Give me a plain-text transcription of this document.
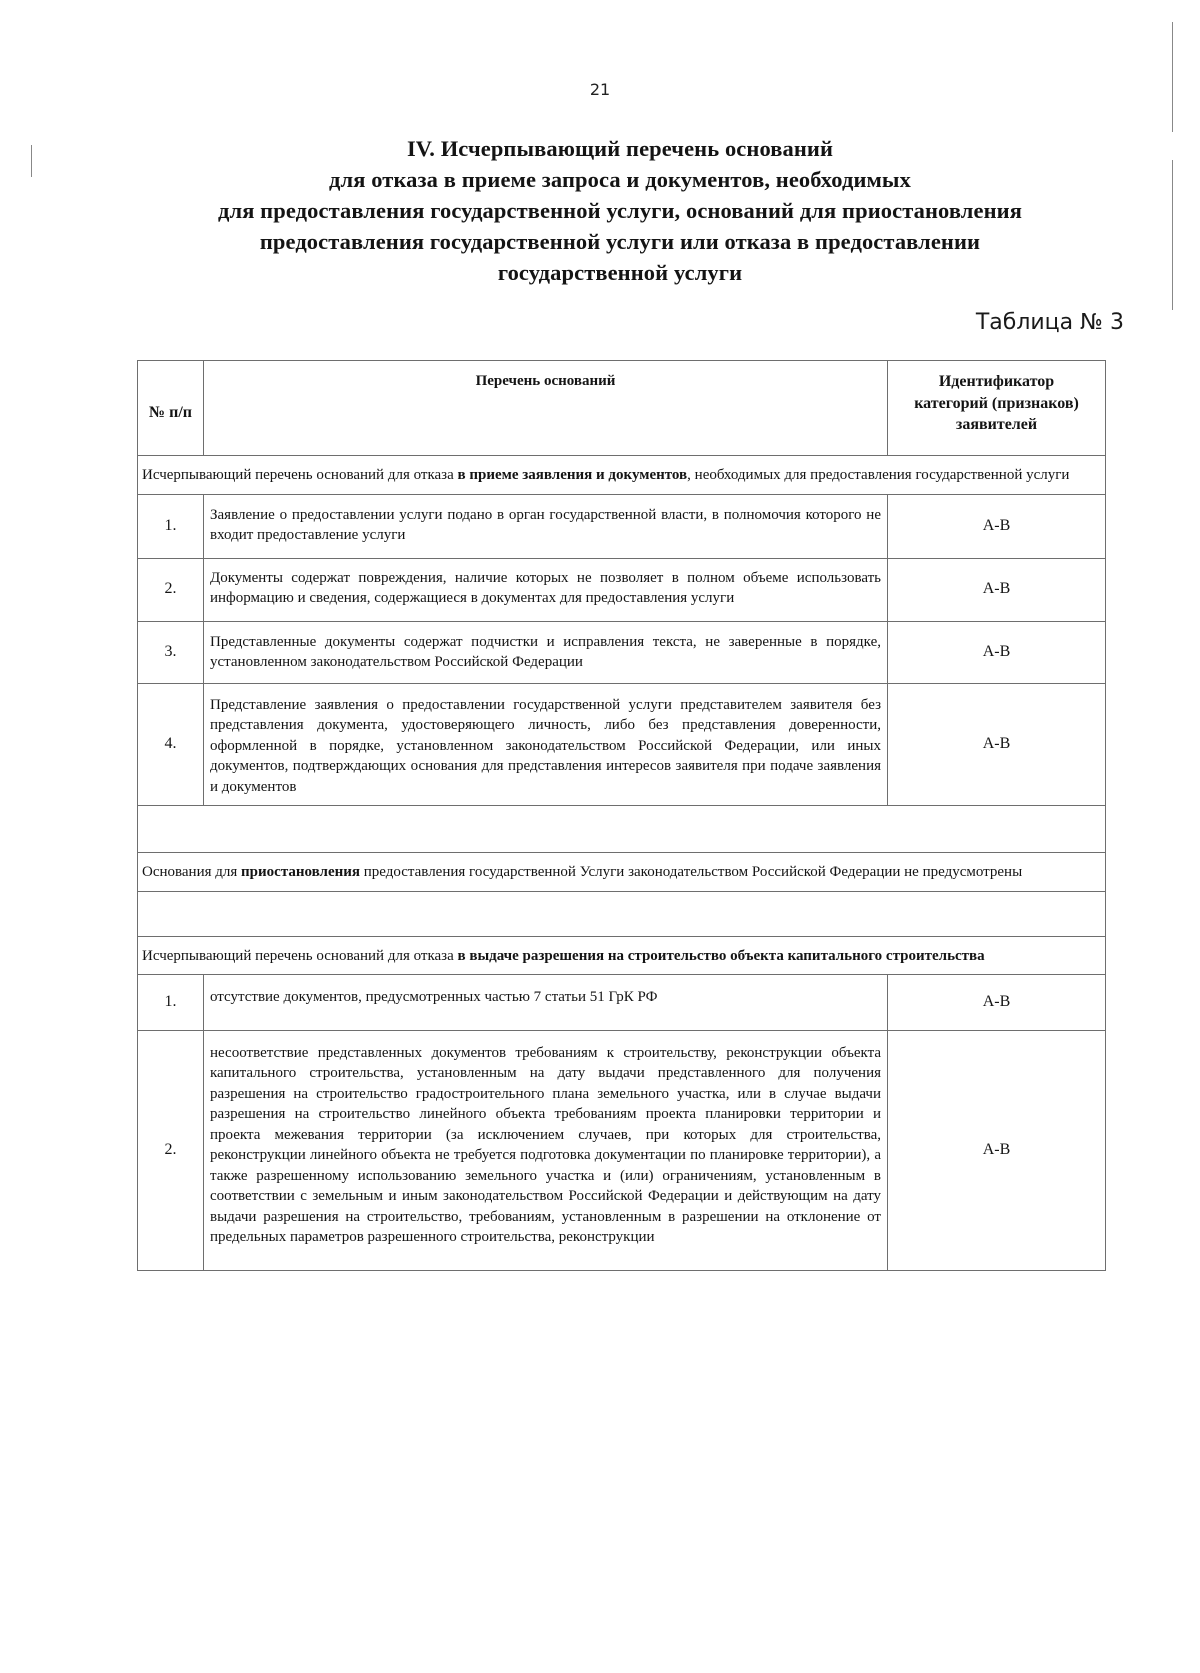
21
IV. Исчерпывающий перечень оснований
для отказа в приеме запроса и документов, необходимых
для предоставления государственной услуги, оснований для приостановления
предоставления государственной услуги или отказа в предоставлении
государственной услуги
Таблица № 3
№ п/п	Перечень оснований	Идентификатор категорий (признаков) заявителей
Исчерпывающий перечень оснований для отказа в приеме заявления и документов, необходимых для предоставления государственной услуги		
1.	Заявление о предоставлении услуги подано в орган государственной власти, в полномочия которого не входит предоставление услуги	А-В
2.	Документы содержат повреждения, наличие которых не позволяет в полном объеме использовать информацию и сведения, содержащиеся в документах для предоставления услуги	А-В
3.	Представленные документы содержат подчистки и исправления текста, не заверенные в порядке, установленном законодательством Российской Федерации	А-В
4.	Представление заявления о предоставлении государственной услуги представителем заявителя без представления документа, удостоверяющего личность, либо без представления доверенности, оформленной в порядке, установленном законодательством Российской Федерации, или иных документов, подтверждающих основания для представления интересов заявителя при подаче заявления и документов	А-В

Основания для приостановления предоставления государственной Услуги законодательством Российской Федерации не предусмотрены		

Исчерпывающий перечень оснований для отказа в выдаче разрешения на строительство объекта капитального строительства		
1.	отсутствие документов, предусмотренных частью 7 статьи 51 ГрК РФ	А-В
2.	несоответствие представленных документов требованиям к строительству, реконструкции объекта капитального строительства, установленным на дату выдачи представленного для получения разрешения на строительство градостроительного плана земельного участка, или в случае выдачи разрешения на строительство линейного объекта требованиям проекта планировки территории и проекта межевания территории (за исключением случаев, при которых для строительства, реконструкции линейного объекта не требуется подготовка документации по планировке территории), а также разрешенному использованию земельного участка и (или) ограничениям, установленным в соответствии с земельным и иным законодательством Российской Федерации и действующим на дату выдачи разрешения на строительство, требованиям, установленным в разрешении на отклонение от предельных параметров разрешенного строительства, реконструкции	А-В
